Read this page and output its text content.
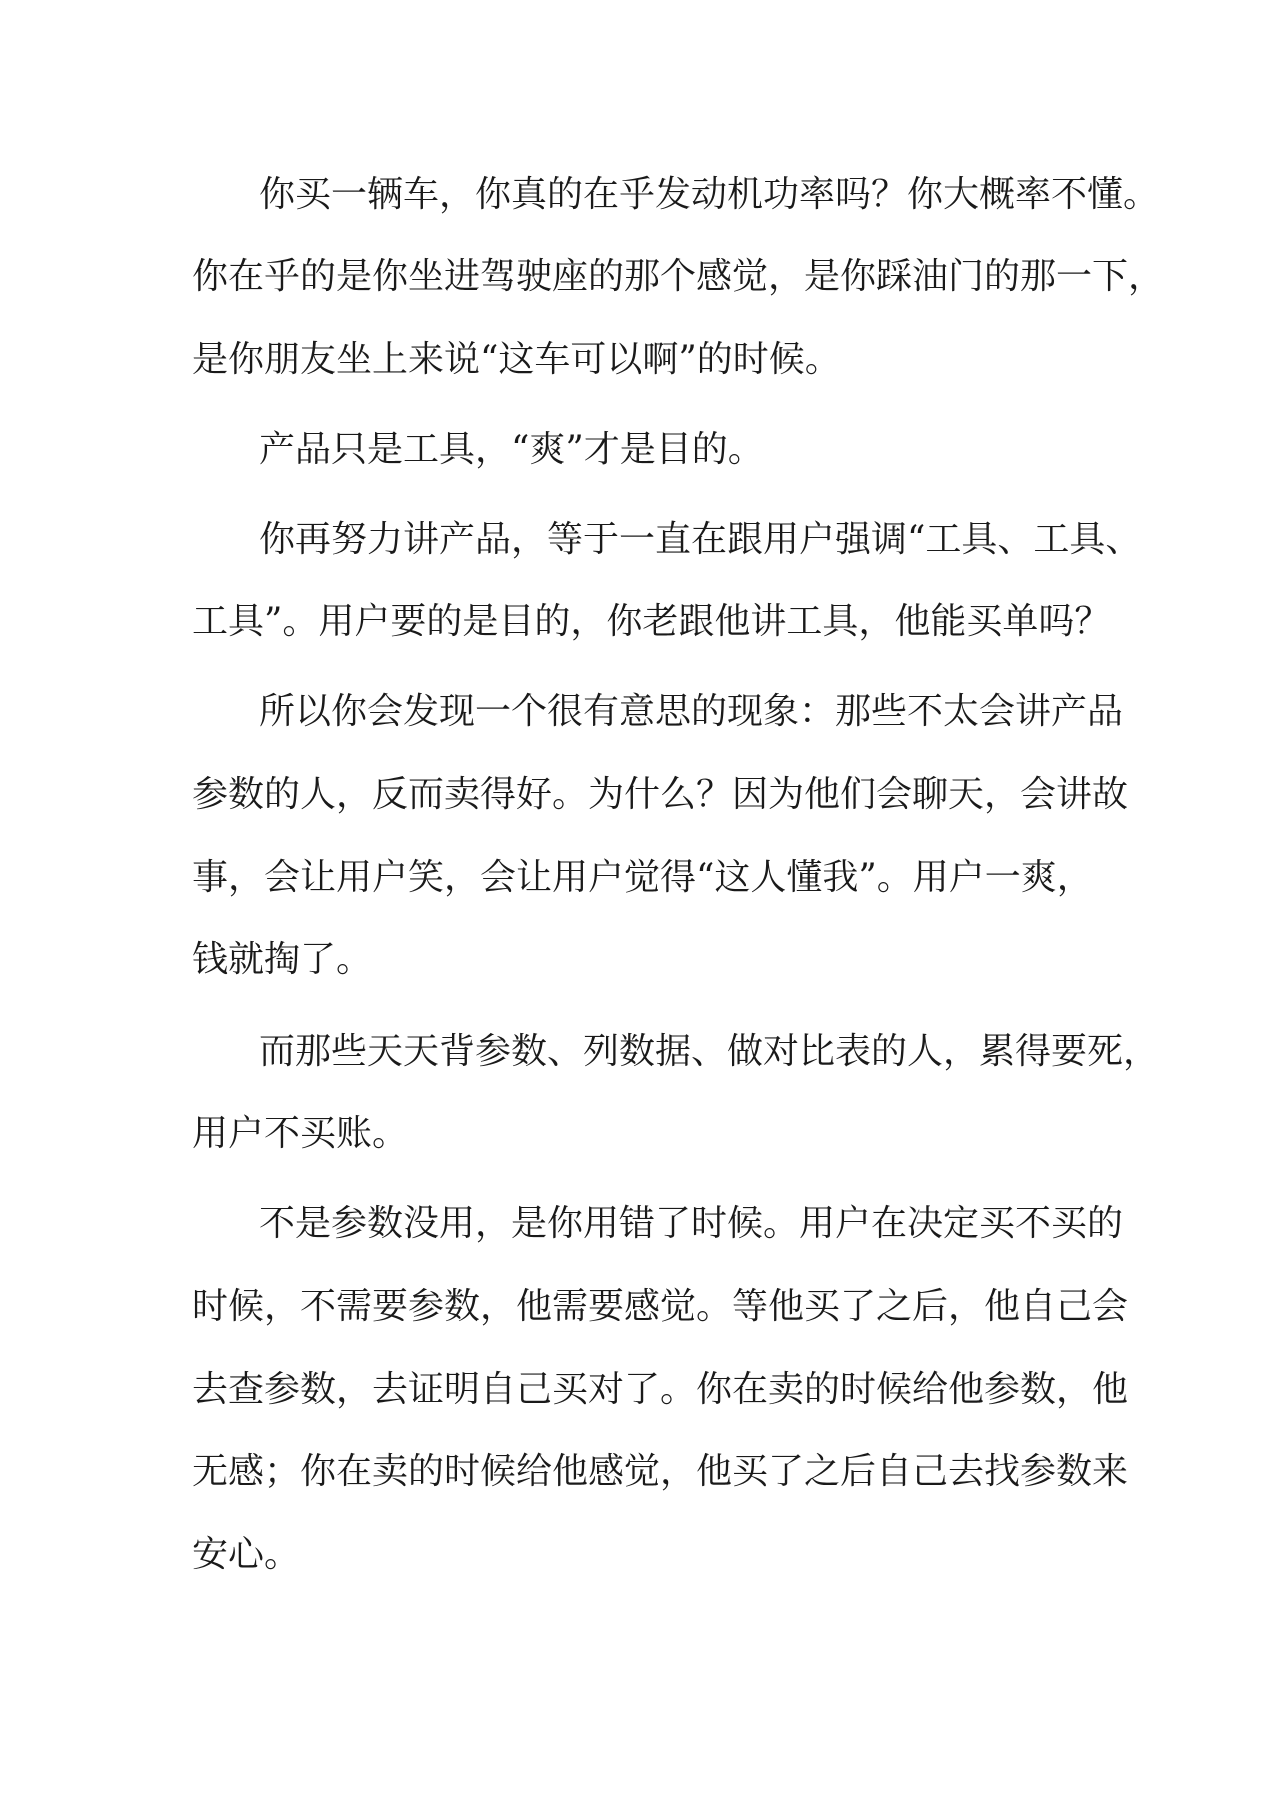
你买一辆车，你真的在乎发动机功率吗？你大概率不懂。
你在乎的是你坐进驾驶座的那个感觉，是你踩油门的那一下，
是你朋友坐上来说“这车可以啊”的时候。
产品只是工具，“爽”才是目的。
你再努力讲产品，等于一直在跟用户强调“工具、工具、
工具”。用户要的是目的，你老跟他讲工具，他能买单吗？
所以你会发现一个很有意思的现象：那些不太会讲产品
参数的人，反而卖得好。为什么？因为他们会聊天，会讲故
事，会让用户笑，会让用户觉得“这人懂我”。用户一爽，
钱就掏了。
而那些天天背参数、列数据、做对比表的人，累得要死，
用户不买账。
不是参数没用，是你用错了时候。用户在决定买不买的
时候，不需要参数，他需要感觉。等他买了之后，他自己会
去查参数，去证明自己买对了。你在卖的时候给他参数，他
无感；你在卖的时候给他感觉，他买了之后自己去找参数来
安心。
